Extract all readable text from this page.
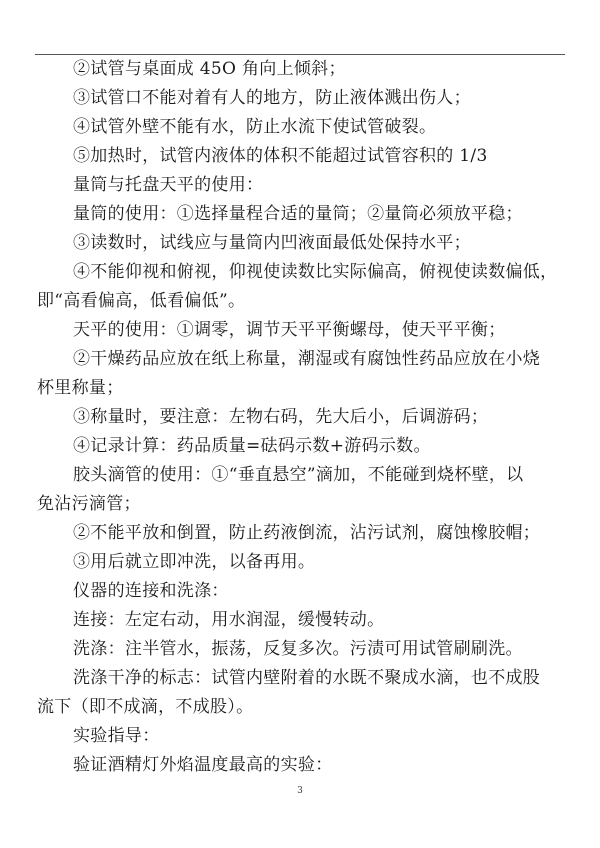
②试管与桌面成 45O 角向上倾斜；
③试管口不能对着有人的地方，防止液体溅出伤人；
④试管外壁不能有水，防止水流下使试管破裂。
⑤加热时，试管内液体的体积不能超过试管容积的 1/3
量筒与托盘天平的使用：
量筒的使用：①选择量程合适的量筒；②量筒必须放平稳；
③读数时，试线应与量筒内凹液面最低处保持水平；
④不能仰视和俯视，仰视使读数比实际偏高，俯视使读数偏低，
即“高看偏高，低看偏低”。
天平的使用：①调零，调节天平平衡螺母，使天平平衡；
②干燥药品应放在纸上称量，潮湿或有腐蚀性药品应放在小烧
杯里称量；
③称量时，要注意：左物右码，先大后小，后调游码；
④记录计算：药品质量=砝码示数+游码示数。
胶头滴管的使用：①“垂直悬空”滴加，不能碰到烧杯壁，以
免沾污滴管；
②不能平放和倒置，防止药液倒流，沾污试剂，腐蚀橡胶帽；
③用后就立即冲洗，以备再用。
仪器的连接和洗涤：
连接：左定右动，用水润湿，缓慢转动。
洗涤：注半管水，振荡，反复多次。污渍可用试管刷刷洗。
洗涤干净的标志：试管内壁附着的水既不聚成水滴，也不成股
流下（即不成滴，不成股）。
实验指导：
验证酒精灯外焰温度最高的实验：
3
